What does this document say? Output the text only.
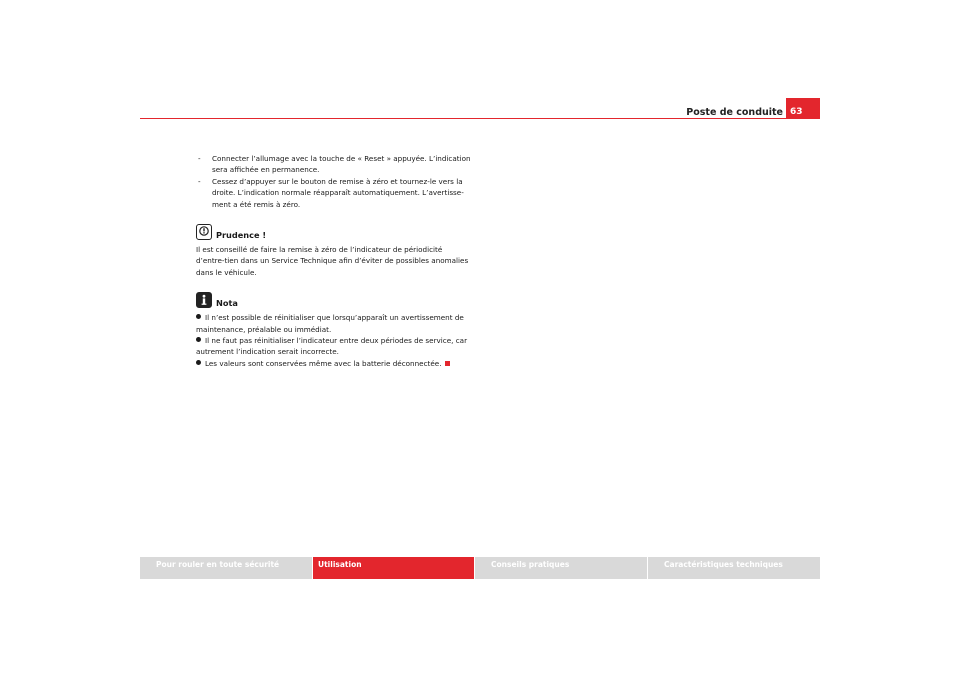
Poste de conduite 63
- Connecter l’allumage avec la touche de « Reset » appuyée. L’indication sera affichée en permanence.
- Cessez d’appuyer sur le bouton de remise à zéro et tournez-le vers la droite. L’indication normale réapparaît automatiquement. L’avertisse-ment a été remis à zéro.
Prudence !
Il est conseillé de faire la remise à zéro de l’indicateur de périodicité d’entre-tien dans un Service Technique afin d’éviter de possibles anomalies dans le véhicule.
Nota
Il n’est possible de réinitialiser que lorsqu’apparaît un avertissement de maintenance, préalable ou immédiat.
Il ne faut pas réinitialiser l’indicateur entre deux périodes de service, car autrement l’indication serait incorrecte.
Les valeurs sont conservées même avec la batterie déconnectée.
Pour rouler en toute sécurité	Utilisation	Conseils pratiques	Caractéristiques techniques
